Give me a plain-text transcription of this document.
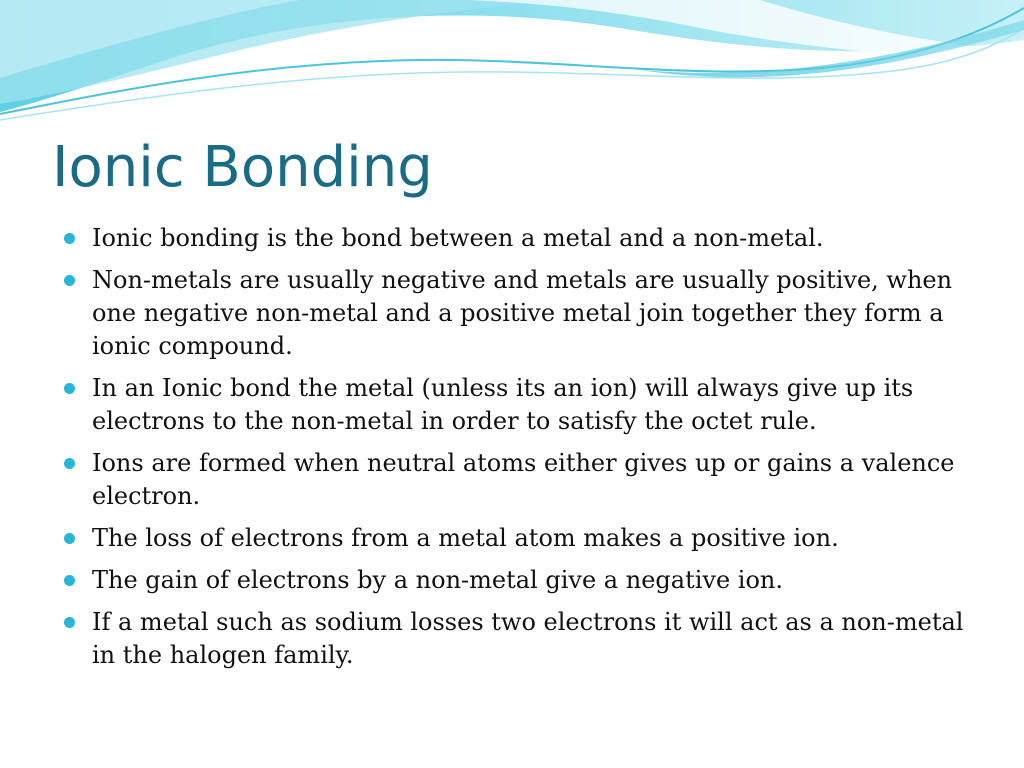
Ionic Bonding
Ionic bonding is the bond between a metal and a non-metal.
Non-metals are usually negative and metals are usually positive, when one negative non-metal and a positive metal join together they form a ionic compound.
In an Ionic bond the metal (unless its an ion) will always give up its electrons to the non-metal in order to satisfy the octet rule.
Ions are formed when neutral atoms either gives up or gains a valence electron.
The loss of electrons from a metal atom makes a positive ion.
The gain of electrons by a non-metal give a negative ion.
If a metal such as sodium losses two electrons it will act as a non-metal in the halogen family.
